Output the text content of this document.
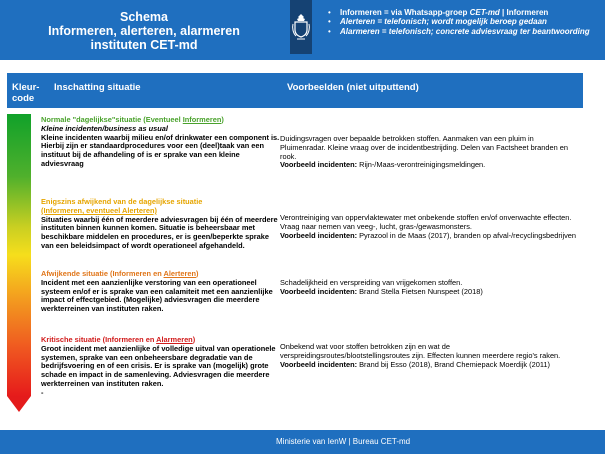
Schema
Informeren, alerteren, alarmeren
instituten CET-md
• Informeren = via Whatsapp-groep CET-md | Informeren
• Alerteren = telefonisch; wordt mogelijk beroep gedaan
• Alarmeren = telefonisch; concrete adviesvraag ter beantwoording
Kleur-
code
Inschatting situatie	Voorbeelden (niet uitputtend)
Normale "dagelijkse"situatie (Eventueel Informeren)
Kleine incidenten/business as usual
Kleine incidenten waarbij milieu en/of drinkwater een component is. Hierbij zijn er standaardprocedures voor een (deel)taak van een instituut bij de afhandeling of is er sprake van een kleine adviesvraag
Duidingsvragen over bepaalde betrokken stoffen. Aanmaken van een pluim in Pluimenradar. Kleine vraag over de incidentbestrijding. Delen van Factsheet branden en rook.
Voorbeeld incidenten: Rijn-/Maas-verontreinigingsmeldingen.
Enigszins afwijkend van de dagelijkse situatie
(Informeren, eventueel Alerteren)
Situaties waarbij één of meerdere adviesvragen bij één of meerdere instituten binnen kunnen komen. Situatie is beheersbaar met beschikbare middelen en procedures, er is geen/beperkte sprake van een beleidsimpact of wordt operationeel afgehandeld.
Verontreiniging van oppervlaktewater met onbekende stoffen en/of onverwachte effecten. Vraag naar nemen van veeg-, lucht, gras-/gewasmonsters.
Voorbeeld incidenten: Pyrazool in de Maas (2017), branden op afval-/recyclingsbedrijven
Afwijkende situatie (Informeren en Alerteren)
Incident met een aanzienlijke verstoring van een operationeel systeem en/of er is sprake van een calamiteit met een aanzienlijke impact of effectgebied. (Mogelijke) adviesvragen die meerdere werkterreinen van instituten raken.
Schadelijkheid en verspreiding van vrijgekomen stoffen.
Voorbeeld incidenten: Brand Stella Fietsen Nunspeet (2018)
Kritische situatie (Informeren en Alarmeren)
Groot incident met aanzienlijke of volledige uitval van operationele systemen, sprake van een onbeheersbare degradatie van de bedrijfsvoering en of een crisis. Er is sprake van (mogelijk) grote schade en impact in de samenleving. Adviesvragen die meerdere werkterreinen van instituten raken.
-
Onbekend wat voor stoffen betrokken zijn en wat de verspreidingsroutes/blootstellingsroutes zijn. Effecten kunnen meerdere regio's raken.
Voorbeeld incidenten: Brand bij Esso (2018), Brand Chemiepack Moerdijk (2011)
Ministerie van IenW | Bureau CET-md
